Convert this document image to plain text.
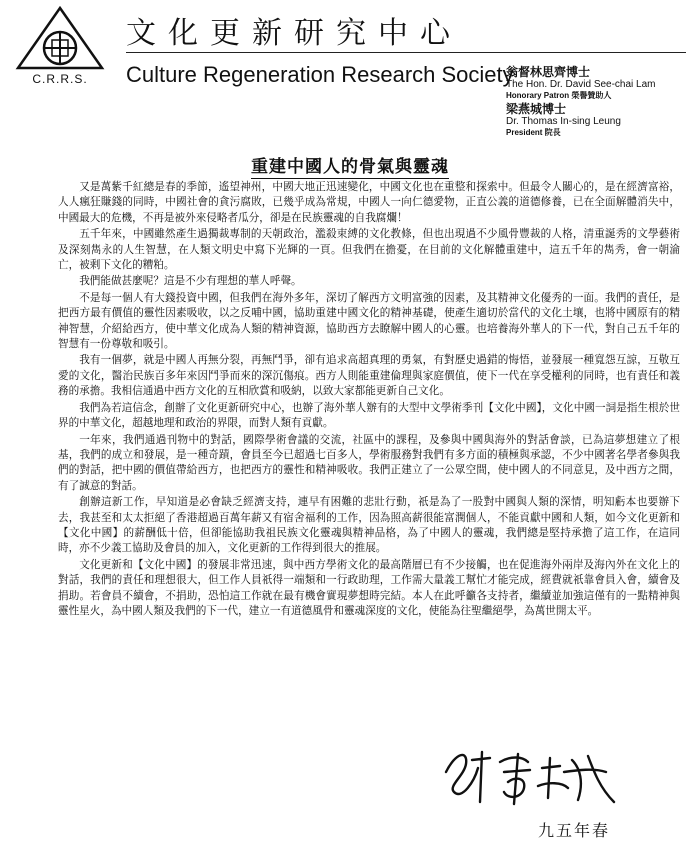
C.R.R.S.
文化更新研究中心
Culture Regeneration Research Society
翁督林思齊博士
The Hon. Dr. David See-chai Lam
Honorary Patron 榮譽贊助人
梁燕城博士
Dr. Thomas In-sing Leung
President 院長
重建中國人的骨氣與靈魂

又是萬紫千紅總是春的季節，遙望神州，中國大地正迅速變化，中國文化也在重整和探索中。但最令人關心的，是在經濟富裕，人人瘋狂賺錢的同時，中國社會的貪污腐敗，已幾乎成為常規，中國人一向仁德愛物，正直公義的道德修養，已在全面解體消失中，中國最大的危機，不再是被外來侵略者瓜分，卻是在民族靈魂的自我腐爛！

五千年來，中國雖然產生過獨裁專制的天朝政治，濫殺束縛的文化教條，但也出現過不少風骨豐裁的人格，清重誕秀的文學藝術及深刻雋永的人生智慧，在人類文明史中寫下光輝的一頁。但我們在擔憂，在目前的文化解體重建中，這五千年的雋秀，會一朝淪亡，被剩下文化的糟粕。

我們能做甚麼呢？這是不少有理想的華人呼聲。

不是每一個人有大錢投資中國，但我們在海外多年，深切了解西方文明富強的因素，及其精神文化優秀的一面。我們的責任，是把西方最有價值的靈性因素吸收，以之反哺中國，協助重建中國文化的精神基礎，使產生適切於當代的文化土壤，也將中國原有的精神智慧，介紹給西方，使中華文化成為人類的精神資源，協助西方去瞭解中國人的心靈。也培養海外華人的下一代，對自己五千年的智慧有一份尊敬和吸引。

我有一個夢，就是中國人再無分裂，再無鬥爭，卻有追求高超真理的勇氣，有對歷史過錯的悔悟，並發展一種寬怨互諒，互敬互愛的文化，醫治民族百多年來因鬥爭而來的深沉傷痕。西方人則能重建倫理與家庭價值，使下一代在享受權利的同時，也有責任和義務的承擔。我相信通過中西方文化的互相欣賞和吸納，以致大家都能更新自己文化。

我們為若這信念，創辦了文化更新研究中心，也辦了海外華人辦有的大型中文學術季刊【文化中國】，文化中國一詞是指生根於世界的中華文化，超越地理和政治的界限，而對人類有貢獻。

一年來，我們通過刊物中的對話，國際學術會議的交流，社區中的課程，及參與中國與海外的對話會談，已為這夢想建立了根基，我們的成立和發展，是一種奇蹟，會員至今已超過七百多人，學術服務對我們有多方面的積極與承認，不少中國著名學者參與我們的對話，把中國的價值帶給西方，也把西方的靈性和精神吸收。我們正建立了一公眾空間，使中國人的不同意見，及中西方之間，有了誠意的對話。

創辦這新工作，早知道是必會缺乏經濟支持，連早有困難的悲壯行動，祇是為了一股對中國與人類的深情，明知虧本也要辦下去，我甚至和太太拒絕了香港超過百萬年薪又有宿舍福利的工作，因為照高薪很能富潤個人，不能貢獻中國和人類，如今文化更新和【文化中國】的薪酬低十倍，但卻能協助我祖民族文化靈魂與精神品格，為了中國人的靈魂，我們總是堅持承擔了這工作，在這同時，亦不少義工協助及會員的加入，文化更新的工作得到很大的推展。

文化更新和【文化中國】的發展非常迅速，與中西方學術文化的最高階層已有不少接觸，也在促進海外兩岸及海內外在文化上的對話，我們的責任和理想很大，但工作人員祇得一端類和一行政助理，工作需大量義工幫忙才能完成，經費就祇靠會員入會，續會及捐助。若會員不續會，不捐助，恐怕這工作就在最有機會實現夢想時完結。本人在此呼籲各支持者，繼續並加強這僅有的一點精神與靈性星火，為中國人類及我們的下一代，建立一有道德風骨和靈魂深度的文化，使能為往聖繼絕學，為萬世開太平。

九五年春
